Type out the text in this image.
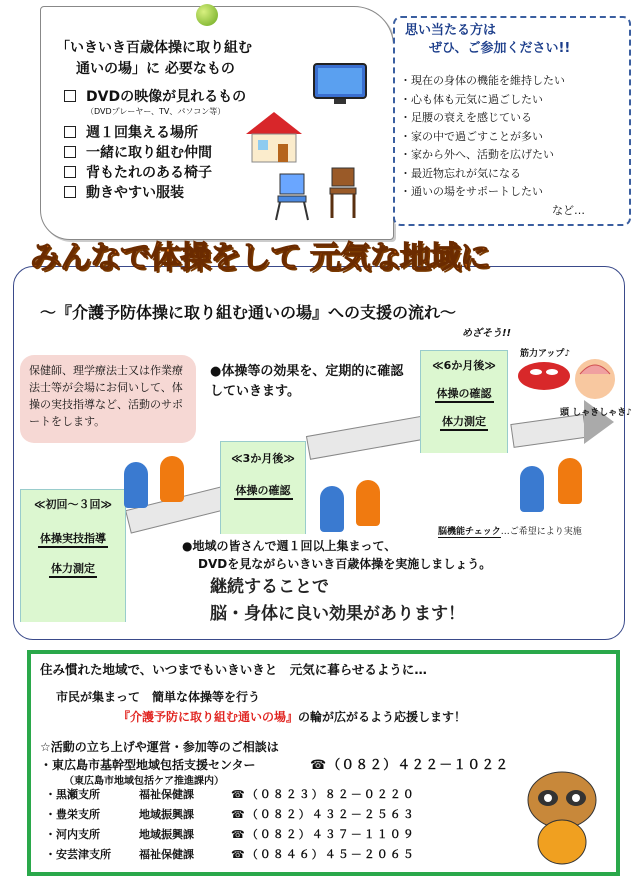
「いきいき百歳体操に取り組む
通いの場」に 必要なもの
DVDの映像が見れるもの
（DVDプレーヤー、TV、パソコン等）
週１回集える場所
一緒に取り組む仲間
背もたれのある椅子
動きやすい服装
思い当たる方は
ぜひ、ご参加ください!!
・現在の身体の機能を維持したい
・心も体も元気に過ごしたい
・足腰の衰えを感じている
・家の中で過ごすことが多い
・家から外へ、活動を広げたい
・最近物忘れが気になる
・通いの場をサポートしたい
など…
みんなで体操をして 元気な地域に
～『介護予防体操に取り組む通いの場』への支援の流れ～
保健師、理学療法士又は作業療法士等が会場にお伺いして、体操の実技指導など、活動のサポートをします。
●体操等の効果を、定期的に確認していきます。
≪初回～３回≫
体操実技指導
体力測定
≪3か月後≫
体操の確認
≪6か月後≫
体操の確認
体力測定
めざそう!!
筋力アップ♪
頭 しゃきしゃき♪
脳機能チェック…ご希望により実施
●地域の皆さんで週１回以上集まって、
DVDを見ながらいきいき百歳体操を実施しましょう。
継続することで
脳・身体に良い効果があります！
住み慣れた地域で、いつまでもいきいきと　元気に暮らせるように…
市民が集まって　簡単な体操等を行う
『介護予防に取り組む通いの場』の輪が広がるよう応援します！
☆活動の立ち上げや運営・参加等のご相談は
・東広島市基幹型地域包括支援センター	☎（０８２）４２２－１０２２
（東広島市地域包括ケア推進課内）
・黒瀬支所	福祉保健課	☎（０８２３）８２－０２２０
・豊栄支所	地域振興課	☎（０８２）４３２－２５６３
・河内支所	地域振興課	☎（０８２）４３７－１１０９
・安芸津支所	福祉保健課	☎（０８４６）４５－２０６５
